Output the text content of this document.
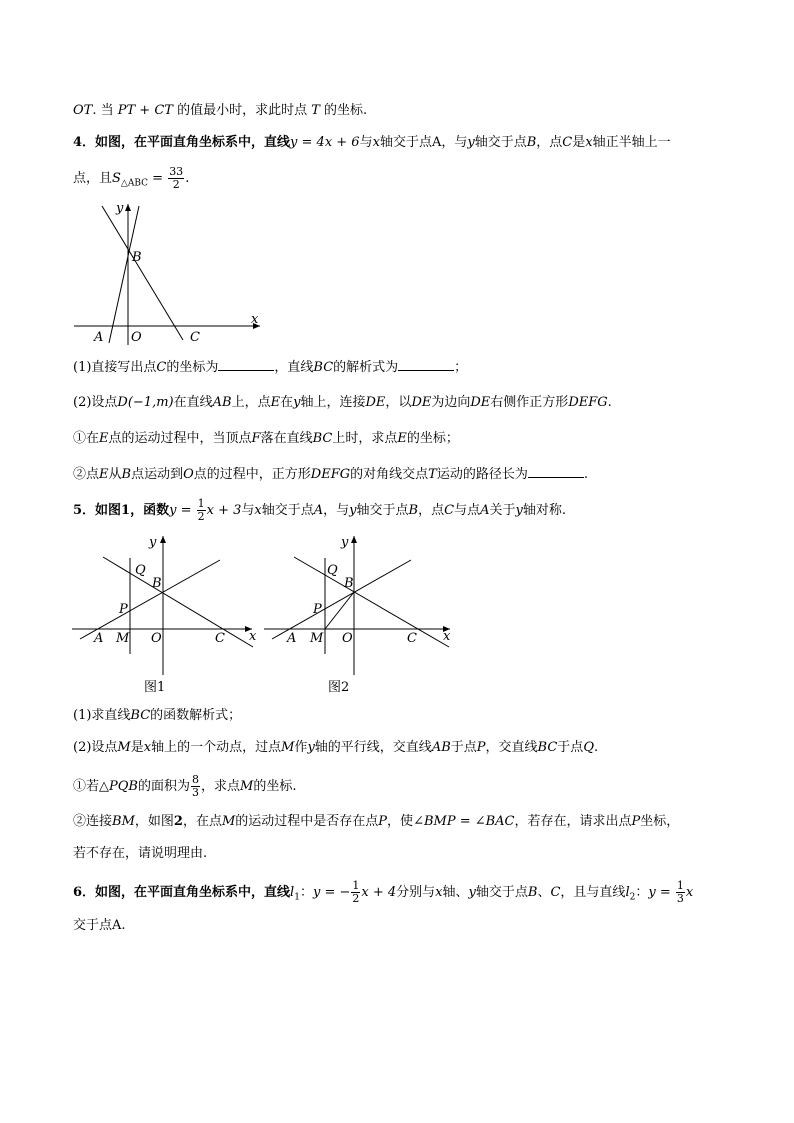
OT. 当 PT + CT 的值最小时，求此时点 T 的坐标.
4．如图，在平面直角坐标系中，直线y = 4x + 6与x轴交于点A，与y轴交于点B，点C是x轴正半轴上一
点，且$S_{\triangle ABC} = \frac{33}{2}$ .
y
x
B
A O	C
(1)直接写出点C的坐标为	，直线BC的解析式为	；
(2)设点D(−1,m)在直线AB上，点E在y轴上，连接DE，以DE为边向DE右侧作正方形DEFG.
①在E点的运动过程中，当顶点F落在直线BC上时，求点E的坐标；
②点E从B点运动到O点的过程中，正方形DEFG的对角线交点T运动的路径长为	.
5．如图1，函数$y = \frac{1}{2}$ x + 3与x轴交于点A，与y轴交于点B，点C与点A关于y轴对称.
y
x
Q
B
P
A M O	C
图1
y
x
Q
B
P
A M O	C
图2
(1)求直线BC的函数解析式；
(2)设点M是x轴上的一个动点，过点M作y轴的平行线，交直线AB于点P，交直线BC于点Q.
①若△PQB的面积为 $\frac{8}{3}$ ，求点M的坐标.
②连接BM，如图2，在点M的运动过程中是否存在点P，使∠BMP = ∠BAC，若存在，请求出点P坐标，
若不存在，请说明理由.
6．如图，在平面直角坐标系中，直线$l_1$：y = − $\frac{1}{2}$ x + 4分别与x轴、y轴交于点B、C，且与直线$l_2$：$y = \frac{1}{3}$ x
交于点A.
